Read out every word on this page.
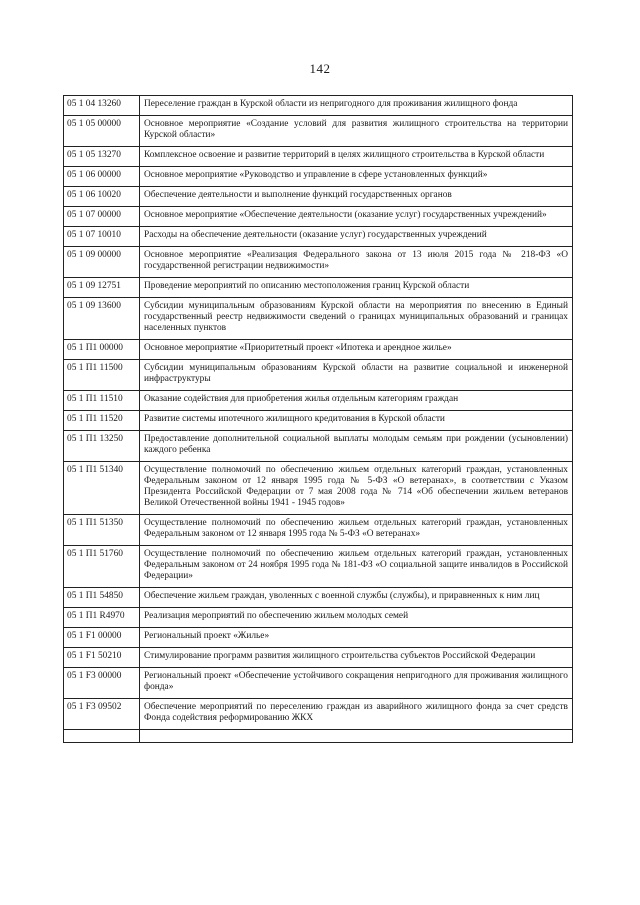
142
05 1 04 13260	Переселение граждан в Курской области из непригодного для проживания жилищного фонда
05 1 05 00000	Основное мероприятие «Создание условий для развития жилищного строительства на территории Курской области»
05 1 05 13270	Комплексное освоение и развитие территорий в целях жилищного строительства в Курской области
05 1 06 00000	Основное мероприятие «Руководство и управление в сфере установленных функций»
05 1 06 10020	Обеспечение деятельности и выполнение функций государственных органов
05 1 07 00000	Основное мероприятие «Обеспечение деятельности (оказание услуг) государственных учреждений»
05 1 07 10010	Расходы на обеспечение деятельности (оказание услуг) государственных учреждений
05 1 09 00000	Основное мероприятие «Реализация Федерального закона от 13 июля 2015 года № 218-ФЗ «О государственной регистрации недвижимости»
05 1 09 12751	Проведение мероприятий по описанию местоположения границ Курской области
05 1 09 13600	Субсидии муниципальным образованиям Курской области на мероприятия по внесению в Единый государственный реестр недвижимости сведений о границах муниципальных образований и границах населенных пунктов
05 1 П1 00000	Основное мероприятие «Приоритетный проект «Ипотека и арендное жилье»
05 1 П1 11500	Субсидии муниципальным образованиям Курской области на развитие социальной и инженерной инфраструктуры
05 1 П1 11510	Оказание содействия для приобретения жилья отдельным категориям граждан
05 1 П1 11520	Развитие системы ипотечного жилищного кредитования в Курской области
05 1 П1 13250	Предоставление дополнительной социальной выплаты молодым семьям при рождении (усыновлении) каждого ребенка
05 1 П1 51340	Осуществление полномочий по обеспечению жильем отдельных категорий граждан, установленных Федеральным законом от 12 января 1995 года № 5-ФЗ «О ветеранах», в соответствии с Указом Президента Российской Федерации от 7 мая 2008 года № 714 «Об обеспечении жильем ветеранов Великой Отечественной войны 1941 - 1945 годов»
05 1 П1 51350	Осуществление полномочий по обеспечению жильем отдельных категорий граждан, установленных Федеральным законом от 12 января 1995 года № 5-ФЗ «О ветеранах»
05 1 П1 51760	Осуществление полномочий по обеспечению жильем отдельных категорий граждан, установленных Федеральным законом от 24 ноября 1995 года № 181-ФЗ «О социальной защите инвалидов в Российской Федерации»
05 1 П1 54850	Обеспечение жильем граждан, уволенных с военной службы (службы), и приравненных к ним лиц
05 1 П1 R4970	Реализация мероприятий по обеспечению жильем молодых семей
05 1 F1 00000	Региональный проект «Жилье»
05 1 F1 50210	Стимулирование программ развития жилищного строительства субъектов Российской Федерации
05 1 F3 00000	Региональный проект «Обеспечение устойчивого сокращения непригодного для проживания жилищного фонда»
05 1 F3 09502	Обеспечение мероприятий по переселению граждан из аварийного жилищного фонда за счет средств Фонда содействия реформированию ЖКХ
